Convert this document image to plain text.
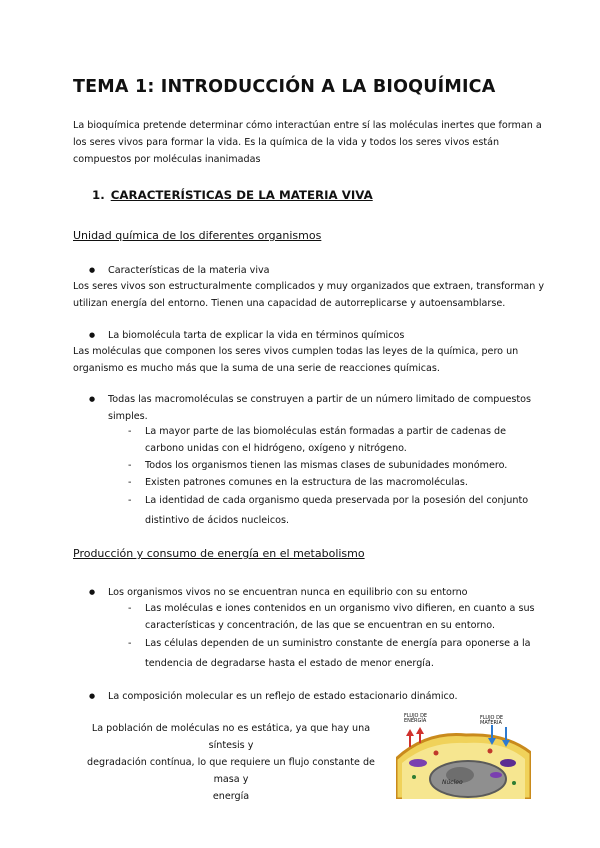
TEMA 1: INTRODUCCIÓN A LA BIOQUÍMICA
La bioquímica pretende determinar cómo interactúan entre sí las moléculas inertes que forman a
los seres vivos para formar la vida. Es la química de la vida y todos los seres vivos están
compuestos por moléculas inanimadas
1. CARACTERÍSTICAS DE LA MATERIA VIVA
Unidad química de los diferentes organismos
● Características de la materia viva
Los seres vivos son estructuralmente complicados y muy organizados que extraen, transforman y
utilizan energía del entorno. Tienen una capacidad de autorreplicarse y autoensamblarse.
● La biomolécula tarta de explicar la vida en términos químicos
Las moléculas que componen los seres vivos cumplen todas las leyes de la química, pero un
organismo es mucho más que la suma de una serie de reacciones químicas.
● Todas las macromoléculas se construyen a partir de un número limitado de compuestos
simples.
- La mayor parte de las biomoléculas están formadas a partir de cadenas de
carbono unidas con el hidrógeno, oxígeno y nitrógeno.
- Todos los organismos tienen las mismas clases de subunidades monómero.
- Existen patrones comunes en la estructura de las macromoléculas.
- La identidad de cada organismo queda preservada por la posesión del conjunto
distintivo de ácidos nucleicos.
Producción y consumo de energía en el metabolismo
● Los organismos vivos no se encuentran nunca en equilibrio con su entorno
- Las moléculas e iones contenidos en un organismo vivo difieren, en cuanto a sus
características y concentración, de las que se encuentran en su entorno.
- Las células dependen de un suministro constante de energía para oponerse a la
tendencia de degradarse hasta el estado de menor energía.
● La composición molecular es un reflejo de estado estacionario dinámico.
La población de moléculas no es estática, ya que hay una síntesis y
degradación contínua, lo que requiere un flujo constante de masa y
energía
FLUJO DE ENERGÍA	FLUJO DE MATERIA
Núcleo
